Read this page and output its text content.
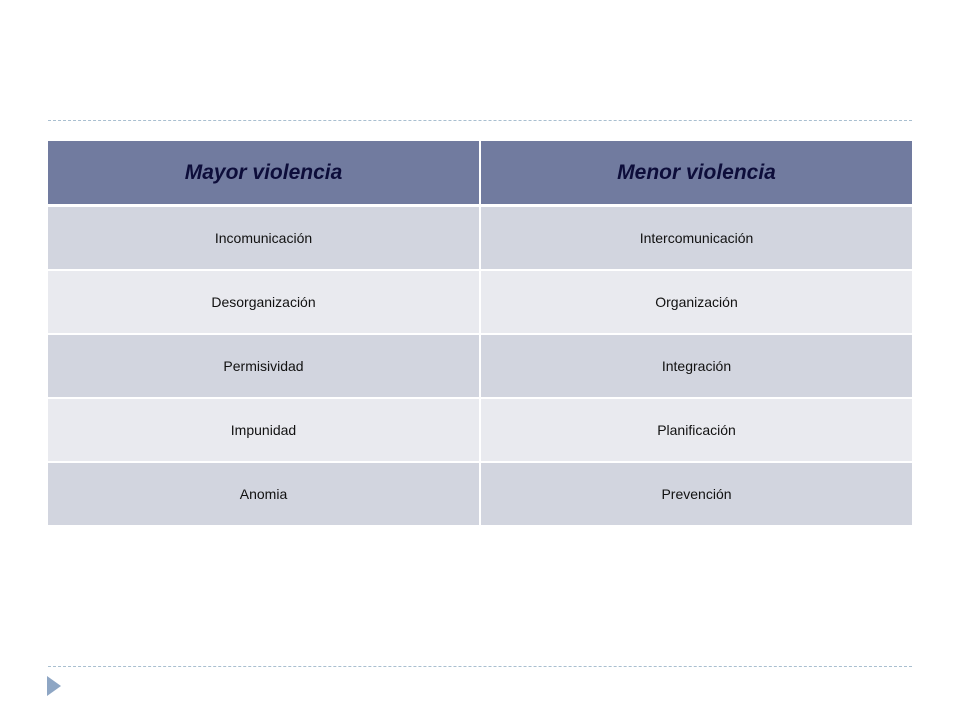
Mayor violencia	Menor violencia
Incomunicación	Intercomunicación
Desorganización	Organización
Permisividad	Integración
Impunidad	Planificación
Anomia	Prevención
